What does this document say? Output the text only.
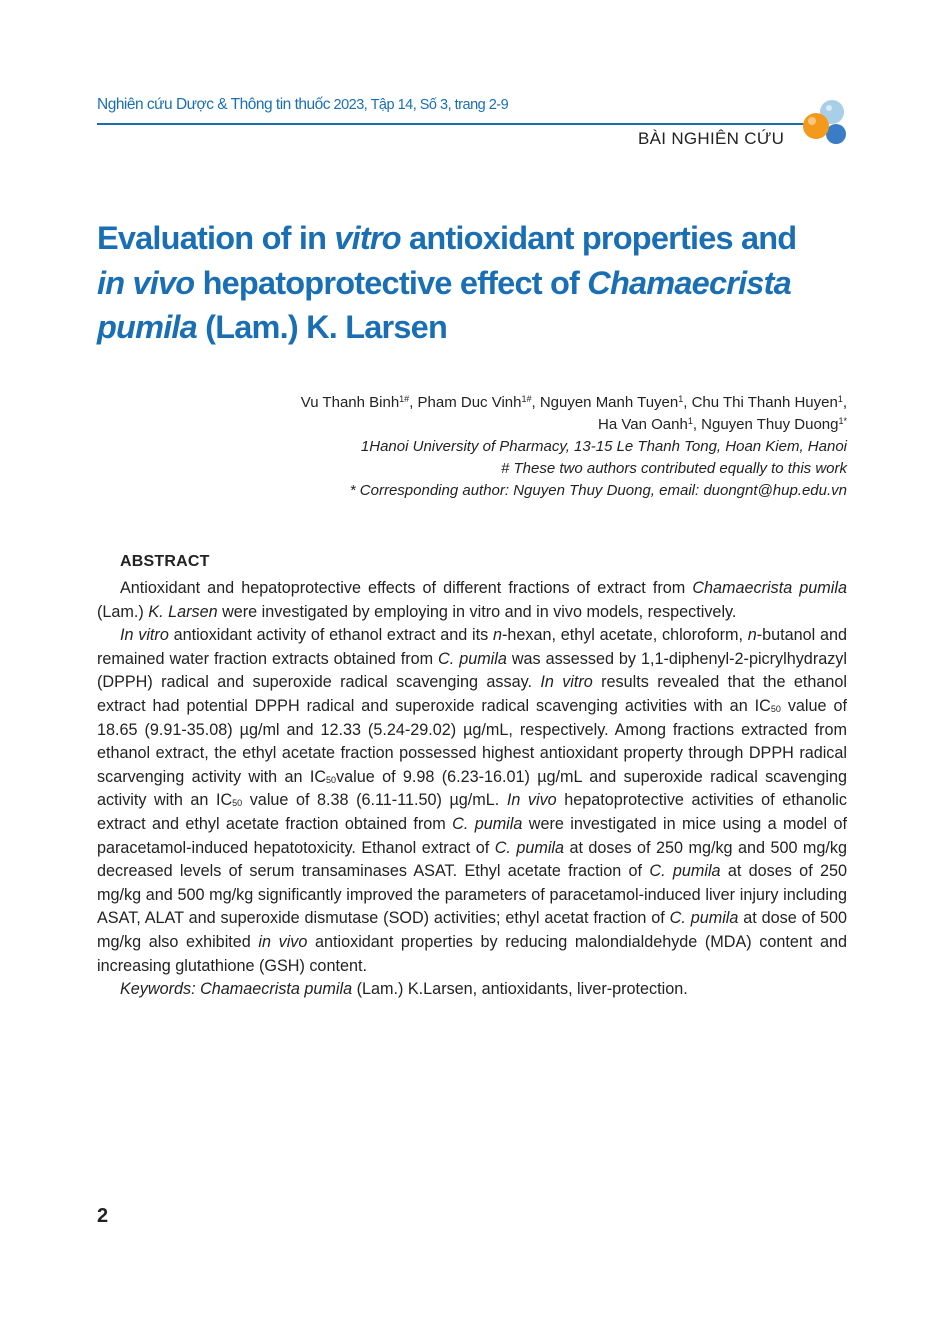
Nghiên cứu Dược & Thông tin thuốc 2023, Tập 14, Số 3, trang 2-9
BÀI NGHIÊN CỨU
Evaluation of in vitro antioxidant properties and
in vivo hepatoprotective effect of Chamaecrista
pumila (Lam.) K. Larsen
Vu Thanh Binh$^{1\#}$, Pham Duc Vinh$^{1\#}$, Nguyen Manh Tuyen$^1$, Chu Thi Thanh Huyen$^1$,
Ha Van Oanh$^1$, Nguyen Thuy Duong$^{1*}$
1Hanoi University of Pharmacy, 13-15 Le Thanh Tong, Hoan Kiem, Hanoi
# These two authors contributed equally to this work
* Corresponding author: Nguyen Thuy Duong, email: duongnt@hup.edu.vn
ABSTRACT

Antioxidant and hepatoprotective effects of different fractions of extract from Chamaecrista pumila (Lam.) K. Larsen were investigated by employing in vitro and in vivo models, respectively.

In vitro antioxidant activity of ethanol extract and its n-hexan, ethyl acetate, chloroform, n-butanol and remained water fraction extracts obtained from C. pumila was assessed by 1,1-diphenyl-2-picrylhydrazyl (DPPH) radical and superoxide radical scavenging assay. In vitro results revealed that the ethanol extract had potential DPPH radical and superoxide radical scavenging activities with an $IC_{50}$ value of 18.65 (9.91-35.08) µg/ml and 12.33 (5.24-29.02) µg/mL, respectively. Among fractions extracted from ethanol extract, the ethyl acetate fraction possessed highest antioxidant property through DPPH radical scarvenging activity with an $IC_{50}value$ of 9.98 (6.23-16.01) µg/mL and superoxide radical scavenging activity with an $IC_{50}$ value of 8.38 (6.11-11.50) µg/mL. In vivo hepatoprotective activities of ethanolic extract and ethyl acetate fraction obtained from C. pumila were investigated in mice using a model of paracetamol-induced hepatotoxicity. Ethanol extract of C. pumila at doses of 250 mg/kg and 500 mg/kg decreased levels of serum transaminases ASAT. Ethyl acetate fraction of C. pumila at doses of 250 mg/kg and 500 mg/kg significantly improved the parameters of paracetamol-induced liver injury including ASAT, ALAT and superoxide dismutase (SOD) activities; ethyl acetat fraction of C. pumila at dose of 500 mg/kg also exhibited in vivo antioxidant properties by reducing malondialdehyde (MDA) content and increasing glutathione (GSH) content.

Keywords: Chamaecrista pumila (Lam.) K.Larsen, antioxidants, liver-protection.

2
